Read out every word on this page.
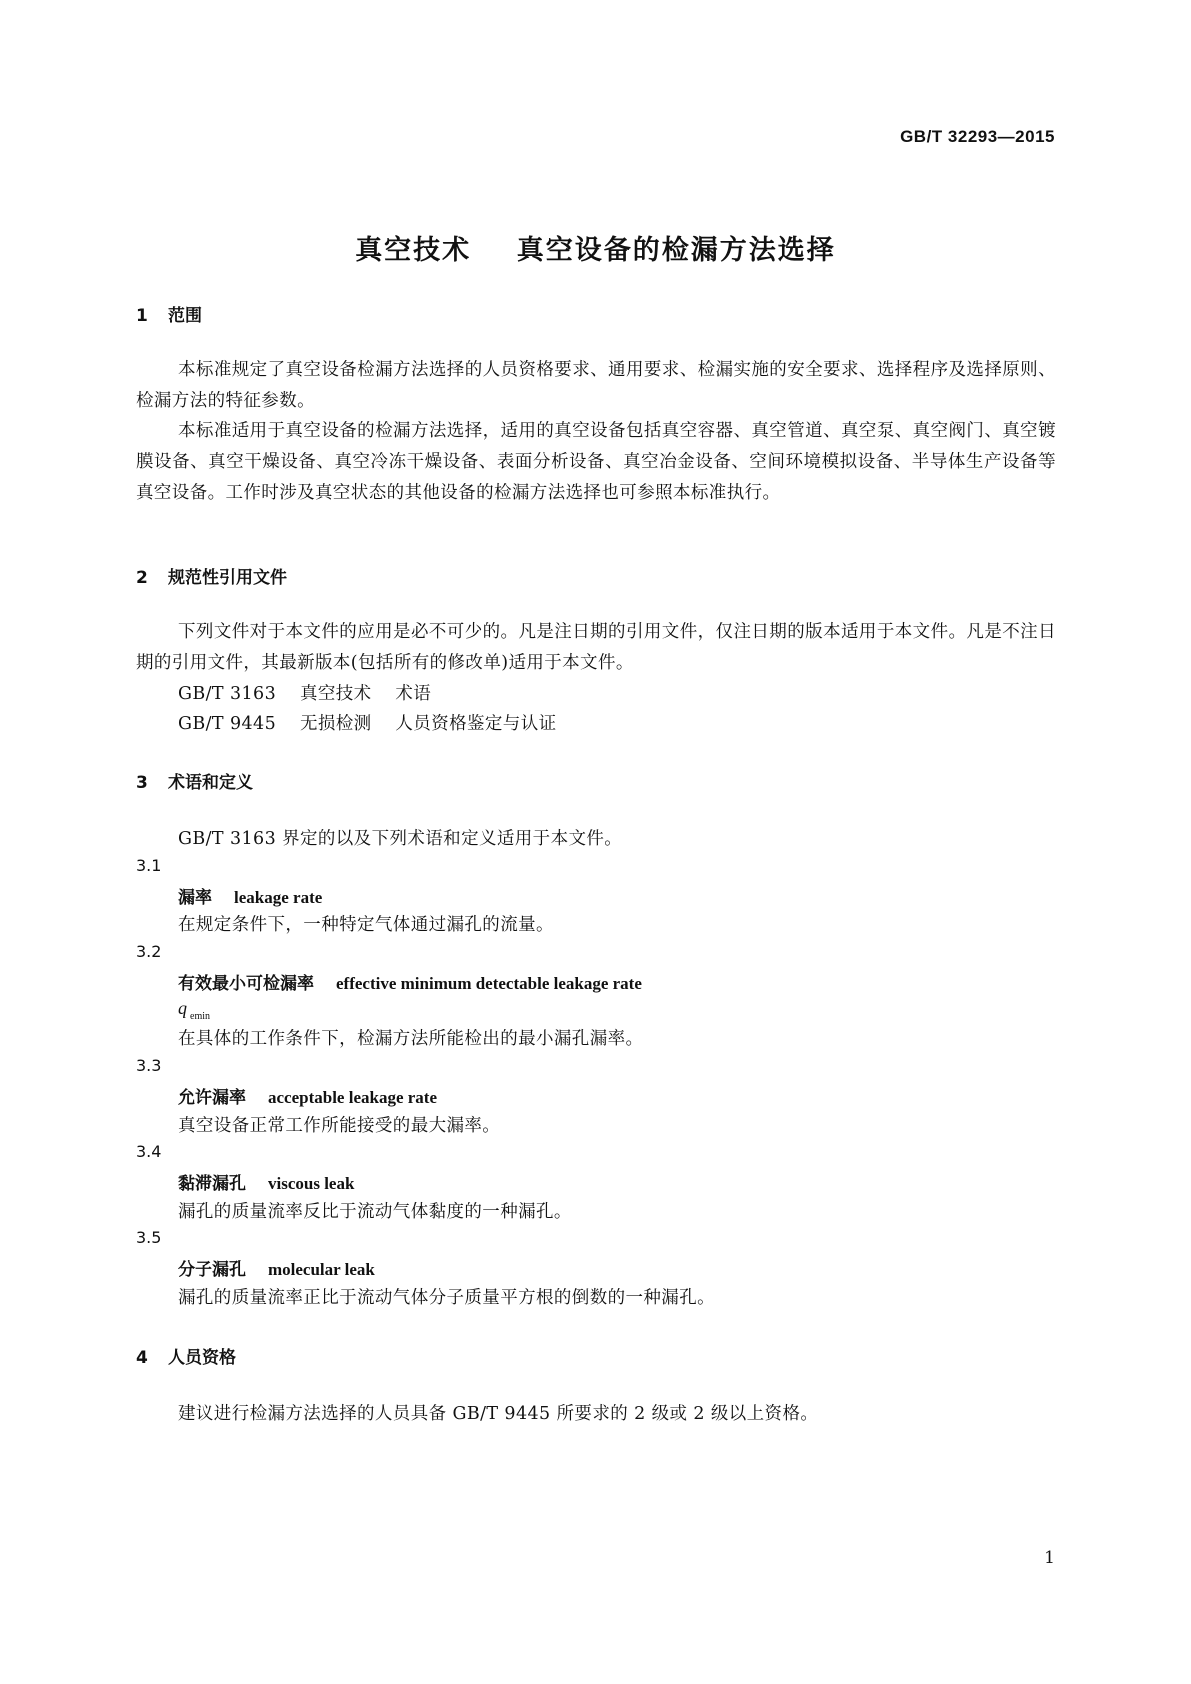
GB/T 32293—2015
真空技术    真空设备的检漏方法选择
1 范围
本标准规定了真空设备检漏方法选择的人员资格要求、通用要求、检漏实施的安全要求、选择程序及选择原则、检漏方法的特征参数。
本标准适用于真空设备的检漏方法选择，适用的真空设备包括真空容器、真空管道、真空泵、真空阀门、真空镀膜设备、真空干燥设备、真空冷冻干燥设备、表面分析设备、真空冶金设备、空间环境模拟设备、半导体生产设备等真空设备。工作时涉及真空状态的其他设备的检漏方法选择也可参照本标准执行。
2 规范性引用文件
下列文件对于本文件的应用是必不可少的。凡是注日期的引用文件，仅注日期的版本适用于本文件。凡是不注日期的引用文件，其最新版本(包括所有的修改单)适用于本文件。
GB/T 3163    真空技术    术语
GB/T 9445    无损检测    人员资格鉴定与认证
3 术语和定义
GB/T 3163 界定的以及下列术语和定义适用于本文件。
3.1
漏率 leakage rate
在规定条件下，一种特定气体通过漏孔的流量。
3.2
有效最小可检漏率 effective minimum detectable leakage rate
q $_{emin}$
在具体的工作条件下，检漏方法所能检出的最小漏孔漏率。
3.3
允许漏率 acceptable leakage rate
真空设备正常工作所能接受的最大漏率。
3.4
黏滞漏孔 viscous leak
漏孔的质量流率反比于流动气体黏度的一种漏孔。
3.5
分子漏孔 molecular leak
漏孔的质量流率正比于流动气体分子质量平方根的倒数的一种漏孔。
4 人员资格
建议进行检漏方法选择的人员具备 GB/T 9445 所要求的 2 级或 2 级以上资格。
1
